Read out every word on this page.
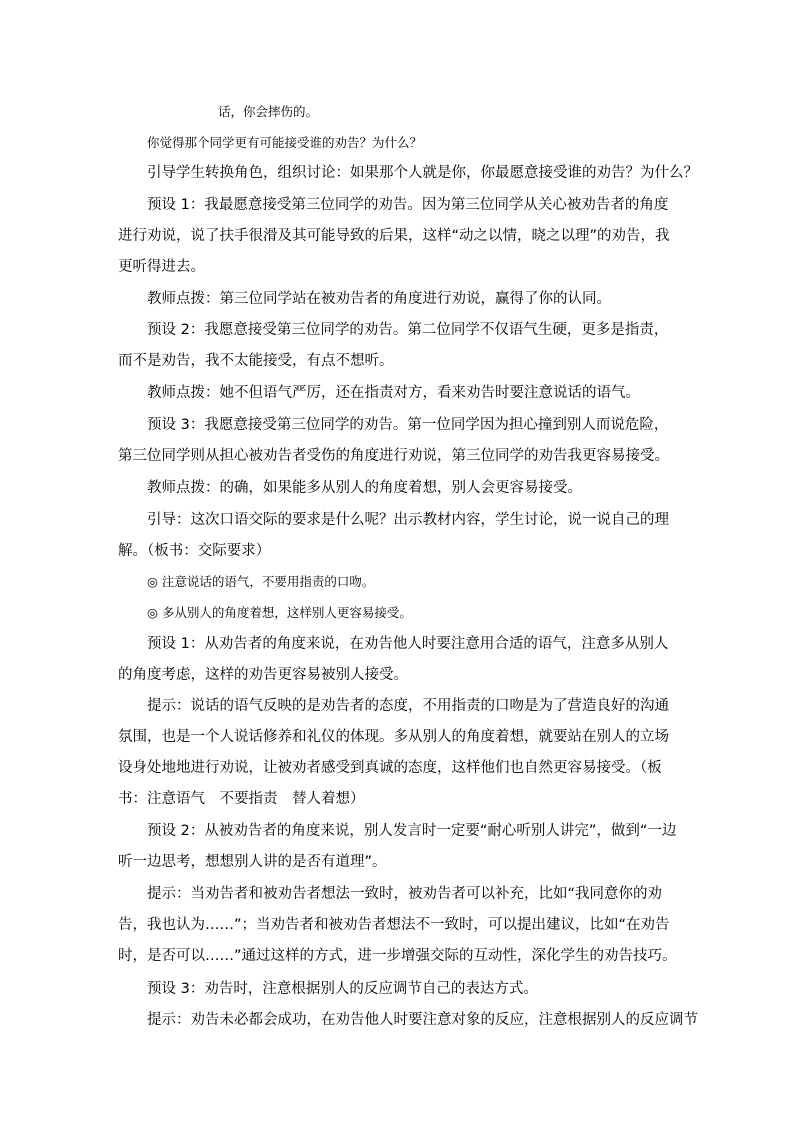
话，你会摔伤的。

你觉得那个同学更有可能接受谁的劝告？为什么？

引导学生转换角色，组织讨论：如果那个人就是你，你最愿意接受谁的劝告？为什么？

预设 1：我最愿意接受第三位同学的劝告。因为第三位同学从关心被劝告者的角度进行劝说，说了扶手很滑及其可能导致的后果，这样“动之以情，晓之以理”的劝告，我更听得进去。

教师点拨：第三位同学站在被劝告者的角度进行劝说，赢得了你的认同。

预设 2：我愿意接受第三位同学的劝告。第二位同学不仅语气生硬，更多是指责，而不是劝告，我不太能接受，有点不想听。

教师点拨：她不但语气严厉，还在指责对方，看来劝告时要注意说话的语气。

预设 3：我愿意接受第三位同学的劝告。第一位同学因为担心撞到别人而说危险，第三位同学则从担心被劝告者受伤的角度进行劝说，第三位同学的劝告我更容易接受。

教师点拨：的确，如果能多从别人的角度着想，别人会更容易接受。

引导：这次口语交际的要求是什么呢？出示教材内容，学生讨论，说一说自己的理解。（板书：交际要求）

◎ 注意说话的语气，不要用指责的口吻。

◎ 多从别人的角度着想，这样别人更容易接受。

预设 1：从劝告者的角度来说，在劝告他人时要注意用合适的语气，注意多从别人的角度考虑，这样的劝告更容易被别人接受。

提示：说话的语气反映的是劝告者的态度，不用指责的口吻是为了营造良好的沟通氛围，也是一个人说话修养和礼仪的体现。多从别人的角度着想，就要站在别人的立场设身处地地进行劝说，让被劝者感受到真诚的态度，这样他们也自然更容易接受。（板书：注意语气　不要指责　替人着想）

预设 2：从被劝告者的角度来说，别人发言时一定要“耐心听别人讲完”，做到“一边听一边思考，想想别人讲的是否有道理”。

提示：当劝告者和被劝告者想法一致时，被劝告者可以补充，比如“我同意你的劝告，我也认为……”；当劝告者和被劝告者想法不一致时，可以提出建议，比如“在劝告时，是否可以……”通过这样的方式，进一步增强交际的互动性，深化学生的劝告技巧。

预设 3：劝告时，注意根据别人的反应调节自己的表达方式。

提示：劝告未必都会成功，在劝告他人时要注意对象的反应，注意根据别人的反应调节
